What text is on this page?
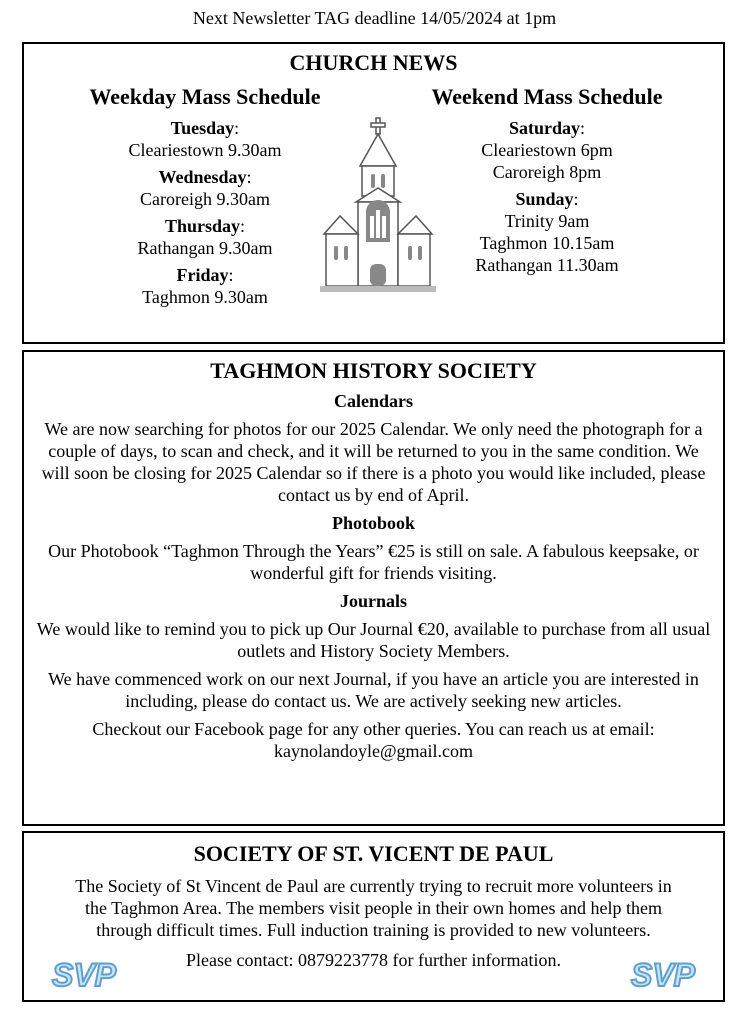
Next Newsletter TAG deadline 14/05/2024 at 1pm
CHURCH NEWS
Weekday Mass Schedule
Tuesday:
Cleariestown 9.30am
Wednesday:
Caroreigh 9.30am
Thursday:
Rathangan 9.30am
Friday:
Taghmon 9.30am
Weekend Mass Schedule
Saturday:
Cleariestown 6pm
Caroreigh 8pm
Sunday:
Trinity 9am
Taghmon 10.15am
Rathangan 11.30am
TAGHMON HISTORY SOCIETY
Calendars
We are now searching for photos for our 2025 Calendar. We only need the photograph for a couple of days, to scan and check, and it will be returned to you in the same condition. We will soon be closing for 2025 Calendar so if there is a photo you would like included, please contact us by end of April.
Photobook
Our Photobook “Taghmon Through the Years” €25 is still on sale. A fabulous keepsake, or wonderful gift for friends visiting.
Journals
We would like to remind you to pick up Our Journal €20, available to purchase from all usual outlets and History Society Members.
We have commenced work on our next Journal, if you have an article you are interested in including, please do contact us. We are actively seeking new articles.
Checkout our Facebook page for any other queries. You can reach us at email: kaynolandoyle@gmail.com
SOCIETY OF ST. VICENT DE PAUL
The Society of St Vincent de Paul are currently trying to recruit more volunteers in the Taghmon Area. The members visit people in their own homes and help them through difficult times. Full induction training is provided to new volunteers.
Please contact: 0879223778 for further information.
SVP	SVP
